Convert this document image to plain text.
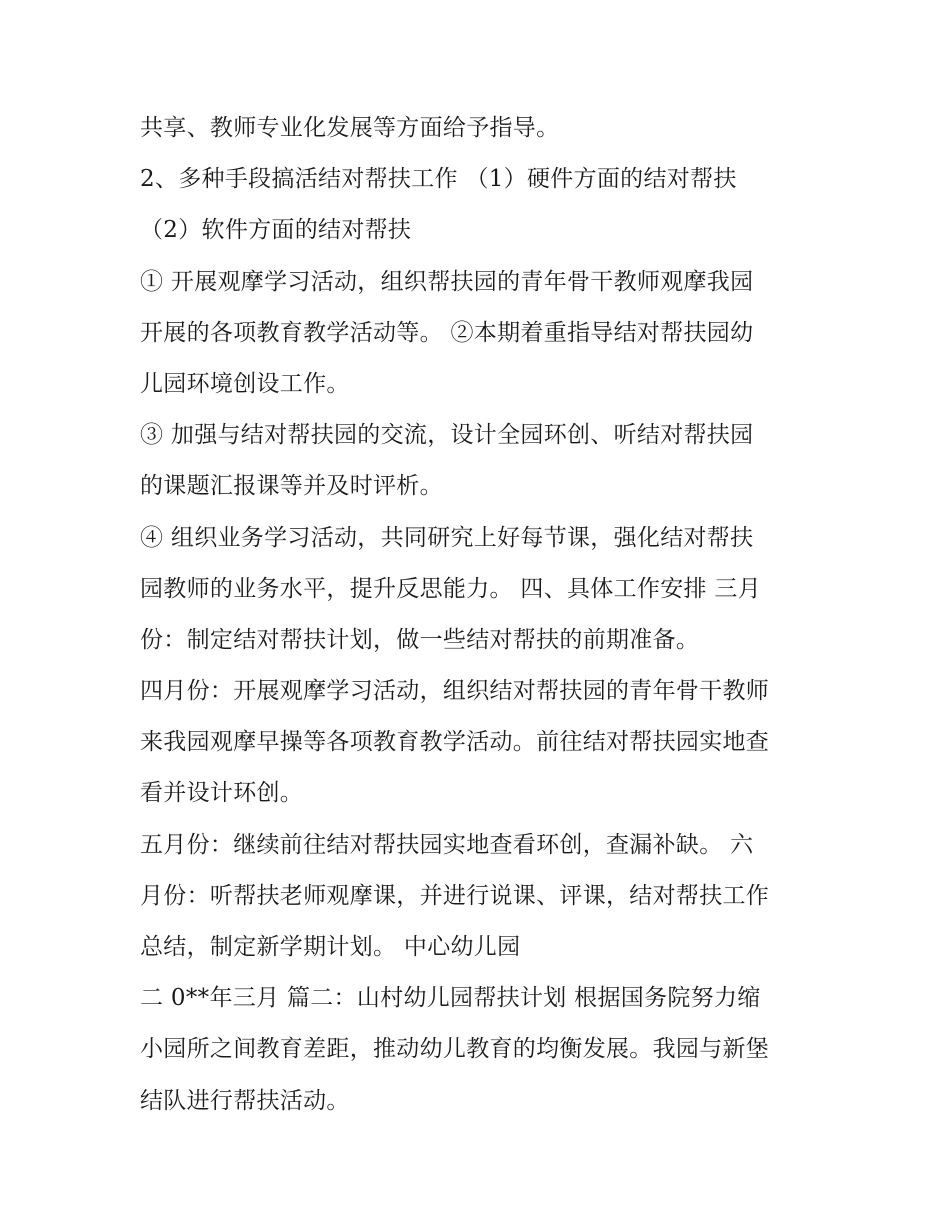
共享、教师专业化发展等方面给予指导。
2、多种手段搞活结对帮扶工作 （1）硬件方面的结对帮扶
（2）软件方面的结对帮扶
① 开展观摩学习活动，组织帮扶园的青年骨干教师观摩我园
开展的各项教育教学活动等。 ②本期着重指导结对帮扶园幼
儿园环境创设工作。
③ 加强与结对帮扶园的交流，设计全园环创、听结对帮扶园
的课题汇报课等并及时评析。
④ 组织业务学习活动，共同研究上好每节课，强化结对帮扶
园教师的业务水平，提升反思能力。 四、具体工作安排 三月
份：制定结对帮扶计划，做一些结对帮扶的前期准备。
四月份：开展观摩学习活动，组织结对帮扶园的青年骨干教师
来我园观摩早操等各项教育教学活动。前往结对帮扶园实地查
看并设计环创。
五月份：继续前往结对帮扶园实地查看环创，查漏补缺。 六
月份：听帮扶老师观摩课，并进行说课、评课，结对帮扶工作
总结，制定新学期计划。 中心幼儿园
二 0**年三月 篇二：山村幼儿园帮扶计划 根据国务院努力缩
小园所之间教育差距，推动幼儿教育的均衡发展。我园与新堡
结队进行帮扶活动。
